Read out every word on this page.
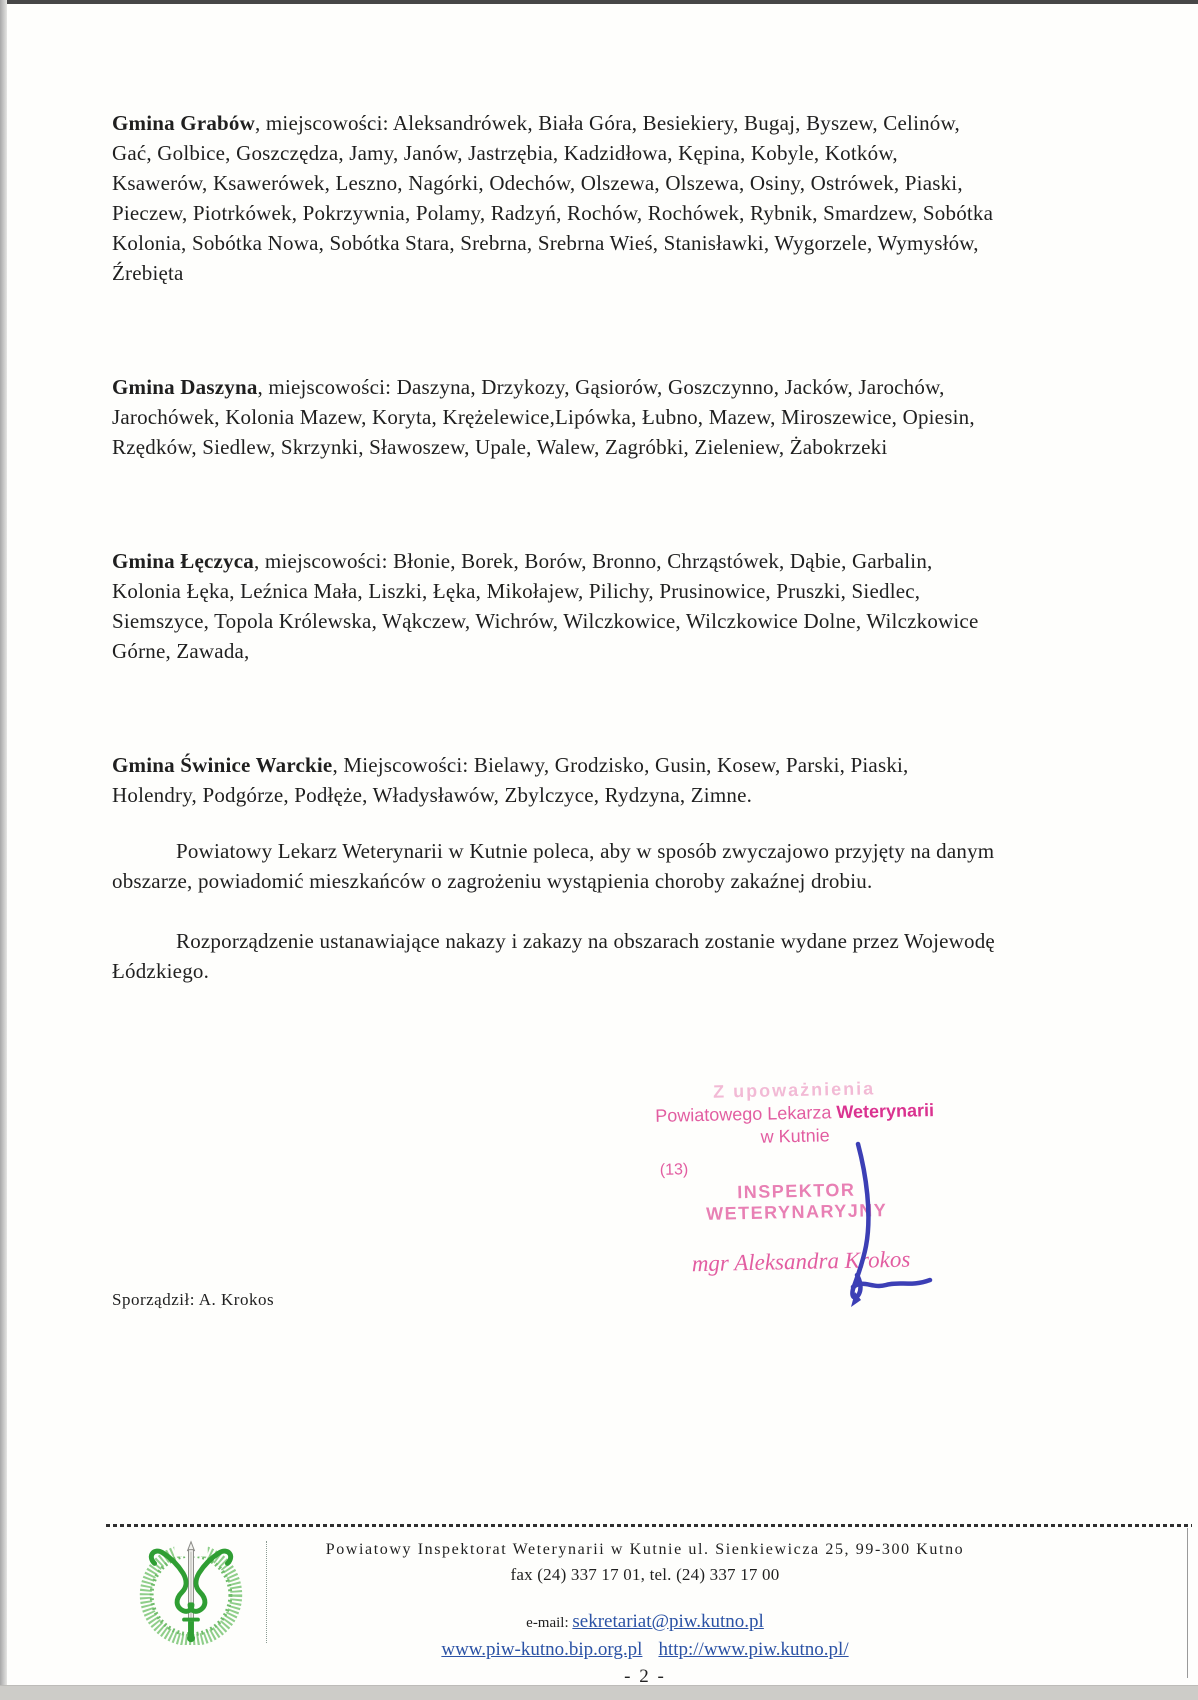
Gmina Grabów, miejscowości: Aleksandrówek, Biała Góra, Besiekiery, Bugaj, Byszew, Celinów, Gać, Golbice, Goszczędza, Jamy, Janów, Jastrzębia, Kadzidłowa, Kępina, Kobyle, Kotków, Ksawerów, Ksawerówek, Leszno, Nagórki, Odechów, Olszewa, Olszewa, Osiny, Ostrówek, Piaski, Pieczew, Piotrkówek, Pokrzywnia, Polamy, Radzyń, Rochów, Rochówek, Rybnik, Smardzew, Sobótka Kolonia, Sobótka Nowa, Sobótka Stara, Srebrna, Srebrna Wieś, Stanisławki, Wygorzele, Wymysłów, Źrebięta

Gmina Daszyna, miejscowości: Daszyna, Drzykozy, Gąsiorów, Goszczynno, Jacków, Jarochów, Jarochówek, Kolonia Mazew, Koryta, Krężelewice,Lipówka, Łubno, Mazew, Miroszewice, Opiesin, Rzędków, Siedlew, Skrzynki, Sławoszew, Upale, Walew, Zagróbki, Zieleniew, Żabokrzeki

Gmina Łęczyca, miejscowości: Błonie, Borek, Borów, Bronno, Chrząstówek, Dąbie, Garbalin, Kolonia Łęka, Leźnica Mała, Liszki, Łęka, Mikołajew, Pilichy, Prusinowice, Pruszki, Siedlec, Siemszyce, Topola Królewska, Wąkczew, Wichrów, Wilczkowice, Wilczkowice Dolne, Wilczkowice Górne, Zawada,

Gmina Świnice Warckie, Miejscowości: Bielawy, Grodzisko, Gusin, Kosew, Parski, Piaski, Holendry, Podgórze, Podłęże, Władysławów, Zbylczyce, Rydzyna, Zimne.

Powiatowy Lekarz Weterynarii w Kutnie poleca, aby w sposób zwyczajowo przyjęty na danym obszarze, powiadomić mieszkańców o zagrożeniu wystąpienia choroby zakaźnej drobiu.

Rozporządzenie ustanawiające nakazy i zakazy na obszarach zostanie wydane przez Wojewodę Łódzkiego.

Z upoważnienia
Powiatowego Lekarza Weterynarii
w Kutnie
(13)
INSPEKTOR WETERYNARYJNY
mgr Aleksandra Krokos
Sporządził: A. Krokos
Powiatowy Inspektorat Weterynarii w Kutnie ul. Sienkiewicza 25, 99-300 Kutno
fax (24) 337 17 01, tel. (24) 337 17 00
e-mail: sekretariat@piw.kutno.pl
www.piw-kutno.bip.org.pl http://www.piw.kutno.pl/
- 2 -
